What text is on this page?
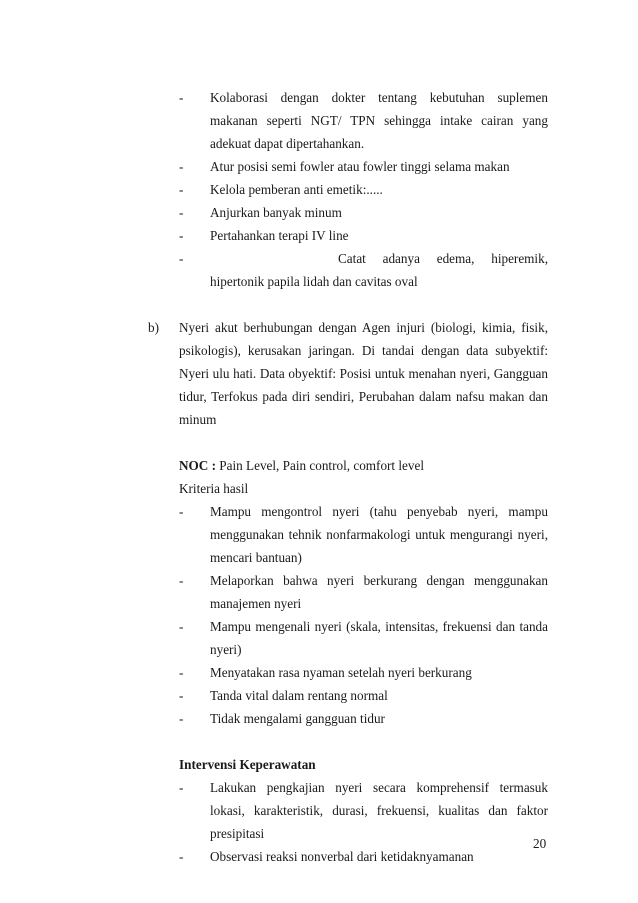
- Kolaborasi dengan dokter tentang kebutuhan suplemen makanan seperti NGT/ TPN sehingga intake cairan yang adekuat dapat dipertahankan.
- Atur posisi semi fowler atau fowler tinggi selama makan
- Kelola pemberan anti emetik:.....
- Anjurkan banyak minum
- Pertahankan terapi IV line
-	Catat adanya edema, hiperemik, hipertonik papila lidah dan cavitas oval
b) Nyeri akut berhubungan dengan Agen injuri (biologi, kimia, fisik, psikologis), kerusakan jaringan. Di tandai dengan data subyektif: Nyeri ulu hati. Data obyektif: Posisi untuk menahan nyeri, Gangguan tidur, Terfokus pada diri sendiri, Perubahan dalam nafsu makan dan minum
NOC : Pain Level, Pain control, comfort level
Kriteria hasil
- Mampu mengontrol nyeri (tahu penyebab nyeri, mampu menggunakan tehnik nonfarmakologi untuk mengurangi nyeri, mencari bantuan)
- Melaporkan bahwa nyeri berkurang dengan menggunakan manajemen nyeri
- Mampu mengenali nyeri (skala, intensitas, frekuensi dan tanda nyeri)
- Menyatakan rasa nyaman setelah nyeri berkurang
- Tanda vital dalam rentang normal
- Tidak mengalami gangguan tidur
Intervensi Keperawatan
- Lakukan pengkajian nyeri secara komprehensif termasuk lokasi, karakteristik, durasi, frekuensi, kualitas dan faktor presipitasi
- Observasi reaksi nonverbal dari ketidaknyamanan
20
